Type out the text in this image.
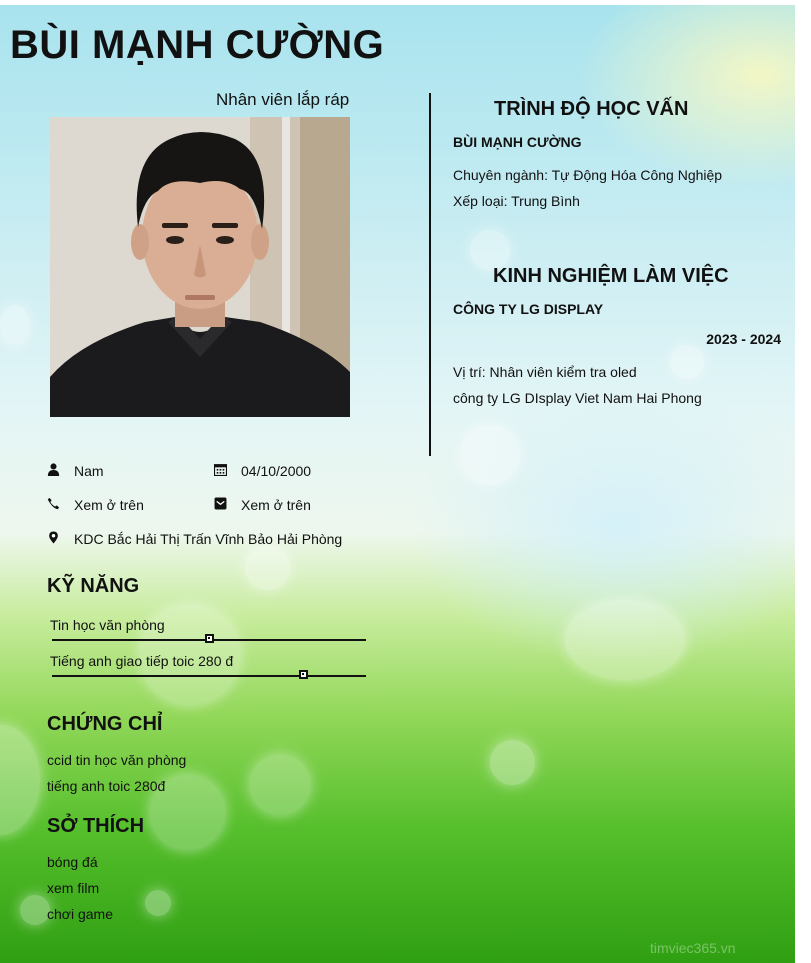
BÙI MẠNH CƯỜNG
Nhân viên lắp ráp
Nam	04/10/2000
Xem ở trên	Xem ở trên
KDC Bắc Hải Thị Trấn Vĩnh Bảo Hải Phòng
KỸ NĂNG
Tin học văn phòng
Tiếng anh giao tiếp toic 280 đ
CHỨNG CHỈ
ccid tin học văn phòng
tiếng anh toic 280đ
SỞ THÍCH
bóng đá
xem film
chơi game
TRÌNH ĐỘ HỌC VẤN
BÙI MẠNH CƯỜNG
Chuyên ngành: Tự Động Hóa Công Nghiệp
Xếp loại: Trung Bình
KINH NGHIỆM LÀM VIỆC
CÔNG TY LG DISPLAY
2023 - 2024
Vị trí: Nhân viên kiểm tra oled
công ty LG DIsplay Viet Nam Hai Phong
timviec365.vn
